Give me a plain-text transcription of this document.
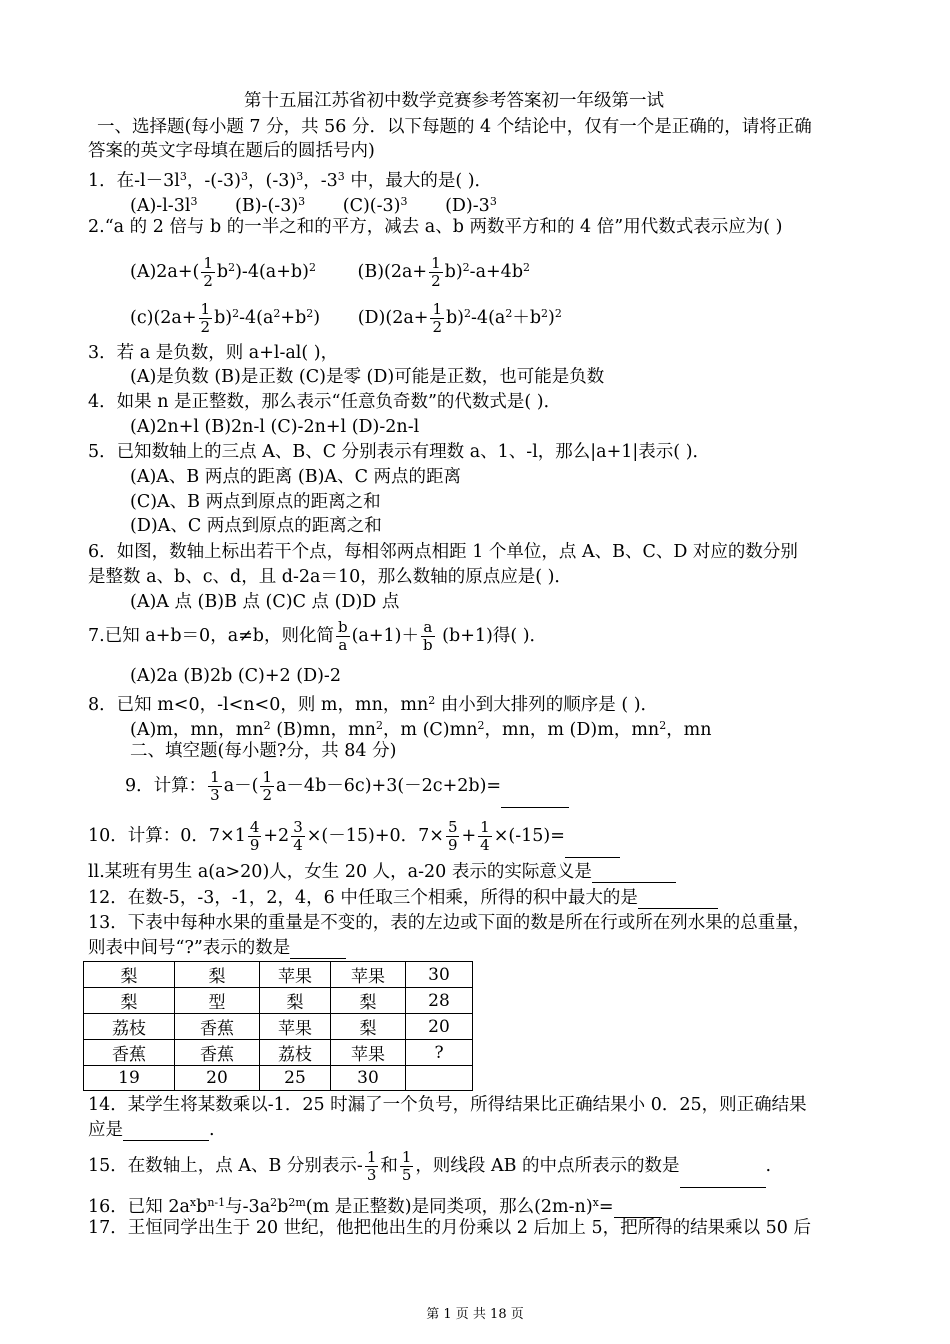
第十五届江苏省初中数学竞赛参考答案初一年级第一试
一、选择题(每小题 7 分，共 56 分．以下每题的 4 个结论中，仅有一个是正确的，请将正确
答案的英文字母填在题后的圆括号内)
1．在$-l-3l^3$，$-(-3)^3$，$(-3)^3$，$-3^3$ 中，最大的是( )．
$(A)-l-3l^3$ $(B)-(-3)^3$ $(C)(-3)^3$ $(D)-3^3$
2.“a 的 2 倍与 b 的一半之和的平方，减去 a、b 两数平方和的 4 倍”用代数式表示应为( )
$(A)2a+( \frac{1}{2} b^2)-4(a+b)^2$ $(B)(2a+ \frac{1}{2} b)^2-a+4b^2$
$(c)(2a+ \frac{1}{2} b)^2-4(a^2+b^2)$ $(D)(2a+ \frac{1}{2} b)^2-4(a^2+b^2)^2$
3．若 a 是负数，则 a+l-al( )，
(A)是负数 (B)是正数 (C)是零 (D)可能是正数，也可能是负数
4．如果 n 是正整数，那么表示“任意负奇数”的代数式是( )．
(A)2n+l (B)2n-l (C)-2n+l (D)-2n-l
5．已知数轴上的三点 A、B、C 分别表示有理数 a、1、-l，那么|a+1|表示( )．
(A)A、B 两点的距离 (B)A、C 两点的距离
(C)A、B 两点到原点的距离之和
(D)A、C 两点到原点的距离之和
6．如图，数轴上标出若干个点，每相邻两点相距 1 个单位，点 A、B、C、D 对应的数分别
是整数 a、b、c、d，且 d-2a＝10，那么数轴的原点应是( )．
(A)A 点 (B)B 点 (C)C 点 (D)D 点
7.已知 a+b＝0，a≠b，则化简 $\frac{b}{a} (a+1)+ \frac{a}{b} (b+1)$得( )．
(A)2a (B)2b (C)+2 (D)-2
8．已知 m<0，-l<n<0，则 m，mn，$mn^2$ 由小到大排列的顺序是 ( )．
(A)m，mn，$mn^2$ (B)mn，$mn^2$，m $(C)mn^2$，mn，m (D)m，$mn^2$，mn
二、填空题(每小题?分，共 84 分)
9．计算： $\frac{1}{3} a-( \frac{1}{2} a-4b-6c)+3(-2c+2b)=$
10．计算：0．$7\times 1 \frac{4}{9} +2 \frac{3}{4} \times(-15)+0$．$7\times \frac{5}{9} + \frac{1}{4} \times(-15)=$
ll.某班有男生 a(a>20)人，女生 20 人，a-20 表示的实际意义是
12．在数-5，-3，-1，2，4，6 中任取三个相乘，所得的积中最大的是
13．下表中每种水果的重量是不变的，表的左边或下面的数是所在行或所在列水果的总重量，
则表中间号“?”表示的数是
梨	梨	苹果	苹果	30
梨	型	梨	梨	28
荔枝	香蕉	苹果	梨	20
香蕉	香蕉	荔枝	苹果	?
19	20	25	30	
14．某学生将某数乘以-1．25 时漏了一个负号，所得结果比正确结果小 0．25，则正确结果
应是	.
15．在数轴上，点 A、B 分别表示- $\frac{1}{3}$ 和 $\frac{1}{5}$ ，则线段 AB 的中点所表示的数是	.
16．已知 $2a^xb^{n-1}$与$-3a^2b^{2m}(m$ 是正整数)是同类项，那么$(2m-n)^x=$
17．王恒同学出生于 20 世纪，他把他出生的月份乘以 2 后加上 5，把所得的结果乘以 50 后
第 1 页 共 18 页
